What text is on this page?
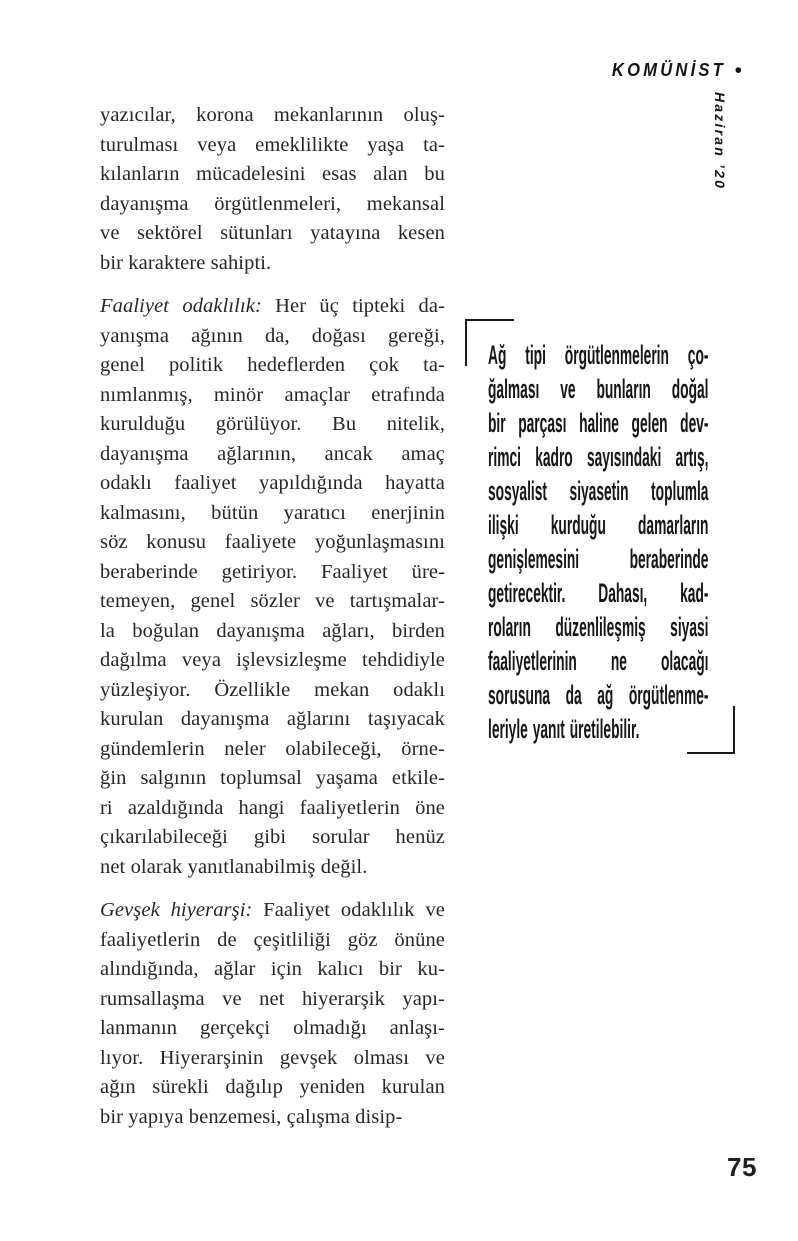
KOMÜNİST •
Haziran ’20
yazıcılar, korona mekanlarının oluş-
turulması veya emeklilikte yaşa ta-
kılanların mücadelesini esas alan bu
dayanışma örgütlenmeleri, mekansal
ve sektörel sütunları yatayına kesen
bir karaktere sahipti.
Faaliyet odaklılık: Her üç tipteki da-
yanışma ağının da, doğası gereği,
genel politik hedeflerden çok ta-
nımlanmış, minör amaçlar etrafında
kurulduğu görülüyor. Bu nitelik,
dayanışma ağlarının, ancak amaç
odaklı faaliyet yapıldığında hayatta
kalmasını, bütün yaratıcı enerjinin
söz konusu faaliyete yoğunlaşmasını
beraberinde getiriyor. Faaliyet üre-
temeyen, genel sözler ve tartışmalar-
la boğulan dayanışma ağları, birden
dağılma veya işlevsizleşme tehdidiyle
yüzleşiyor. Özellikle mekan odaklı
kurulan dayanışma ağlarını taşıyacak
gündemlerin neler olabileceği, örne-
ğin salgının toplumsal yaşama etkile-
ri azaldığında hangi faaliyetlerin öne
çıkarılabileceği gibi sorular henüz
net olarak yanıtlanabilmiş değil.
Gevşek hiyerarşi: Faaliyet odaklılık ve
faaliyetlerin de çeşitliliği göz önüne
alındığında, ağlar için kalıcı bir ku-
rumsallaşma ve net hiyerarşik yapı-
lanmanın gerçekçi olmadığı anlaşı-
lıyor. Hiyerarşinin gevşek olması ve
ağın sürekli dağılıp yeniden kurulan
bir yapıya benzemesi, çalışma disip-
Ağ tipi örgütlenmelerin ço-
ğalması ve bunların doğal
bir parçası haline gelen dev-
rimci kadro sayısındaki artış,
sosyalist siyasetin toplumla
ilişki kurduğu damarların
genişlemesini beraberinde
getirecektir. Dahası, kad-
roların düzenlileşmiş siyasi
faaliyetlerinin ne olacağı
sorusuna da ağ örgütlenme-
leriyle yanıt üretilebilir.
75
